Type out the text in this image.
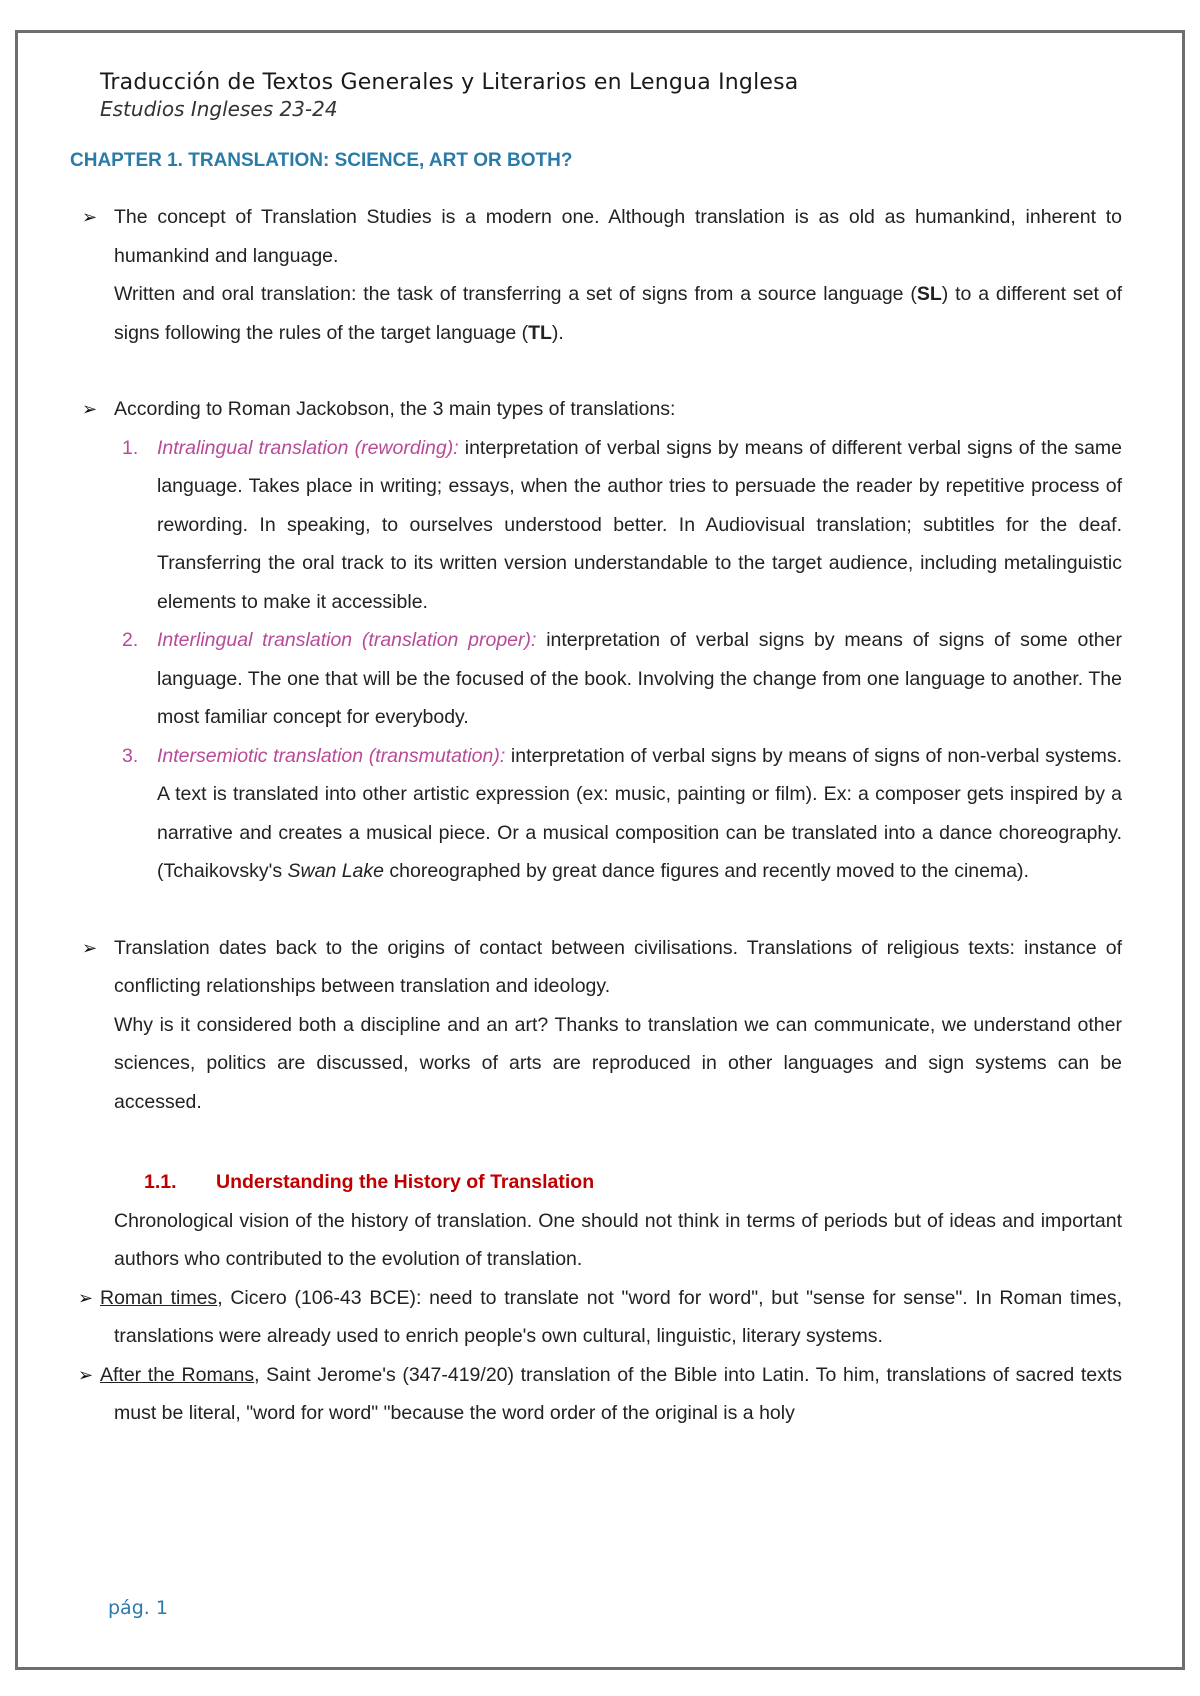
Traducción de Textos Generales y Literarios en Lengua Inglesa
Estudios Ingleses 23-24
CHAPTER 1. TRANSLATION: SCIENCE, ART OR BOTH?
➢ The concept of Translation Studies is a modern one. Although translation is as old as humankind, inherent to humankind and language.

Written and oral translation: the task of transferring a set of signs from a source language (SL) to a different set of signs following the rules of the target language (TL).

➢ According to Roman Jackobson, the 3 main types of translations:

1. Intralingual translation (rewording): interpretation of verbal signs by means of different verbal signs of the same language. Takes place in writing; essays, when the author tries to persuade the reader by repetitive process of rewording. In speaking, to ourselves understood better. In Audiovisual translation; subtitles for the deaf. Transferring the oral track to its written version understandable to the target audience, including metalinguistic elements to make it accessible.

2. Interlingual translation (translation proper): interpretation of verbal signs by means of signs of some other language. The one that will be the focused of the book. Involving the change from one language to another. The most familiar concept for everybody.

3. Intersemiotic translation (transmutation): interpretation of verbal signs by means of signs of non-verbal systems. A text is translated into other artistic expression (ex: music, painting or film). Ex: a composer gets inspired by a narrative and creates a musical piece. Or a musical composition can be translated into a dance choreography. (Tchaikovsky's Swan Lake choreographed by great dance figures and recently moved to the cinema).

➢ Translation dates back to the origins of contact between civilisations. Translations of religious texts: instance of conflicting relationships between translation and ideology.

Why is it considered both a discipline and an art? Thanks to translation we can communicate, we understand other sciences, politics are discussed, works of arts are reproduced in other languages and sign systems can be accessed.

1.1. Understanding the History of Translation

Chronological vision of the history of translation. One should not think in terms of periods but of ideas and important authors who contributed to the evolution of translation.

➢ Roman times, Cicero (106-43 BCE): need to translate not "word for word", but "sense for sense". In Roman times, translations were already used to enrich people's own cultural, linguistic, literary systems.

➢ After the Romans, Saint Jerome's (347-419/20) translation of the Bible into Latin. To him, translations of sacred texts must be literal, "word for word" "because the word order of the original is a holy

pág. 1
